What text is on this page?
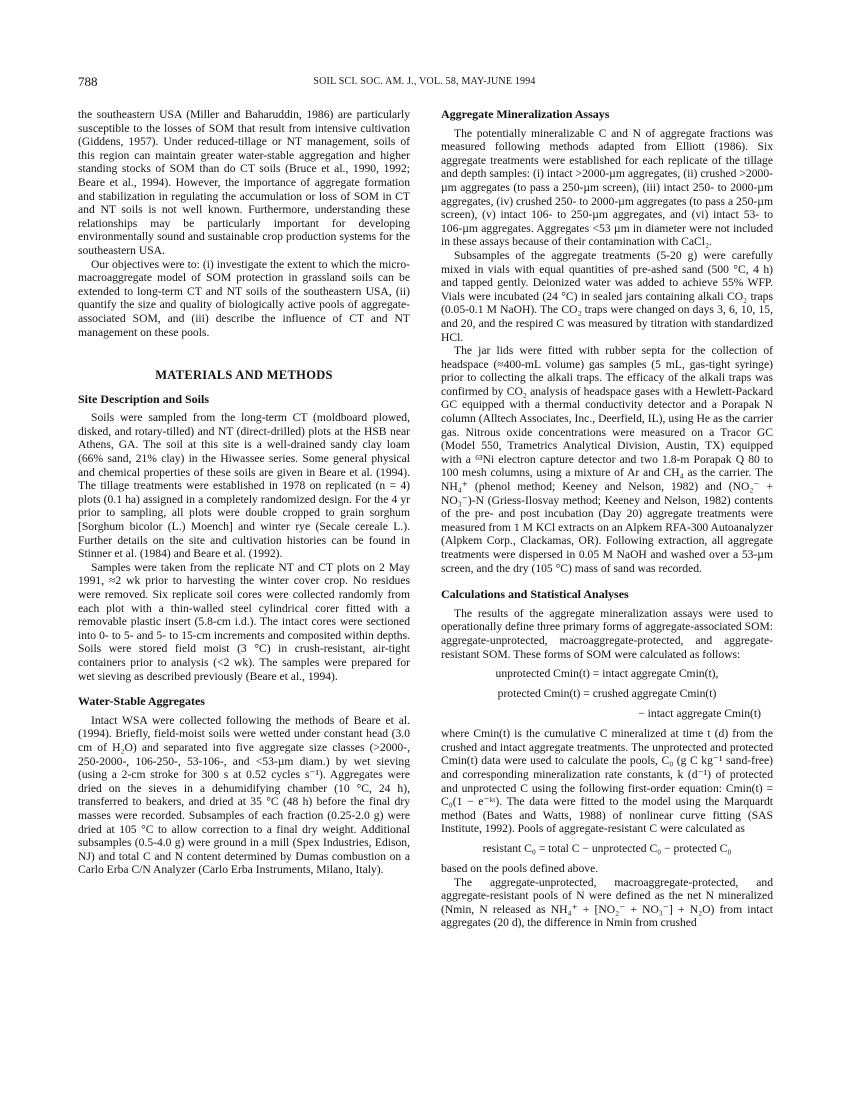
788	SOIL SCI. SOC. AM. J., VOL. 58, MAY-JUNE 1994

the southeastern USA (Miller and Baharuddin, 1986) are particularly susceptible to the losses of SOM that result from intensive cultivation (Giddens, 1957). Under reduced-tillage or NT management, soils of this region can maintain greater water-stable aggregation and higher standing stocks of SOM than do CT soils (Bruce et al., 1990, 1992; Beare et al., 1994). However, the importance of aggregate formation and stabilization in regulating the accumulation or loss of SOM in CT and NT soils is not well known. Furthermore, understanding these relationships may be particularly important for developing environmentally sound and sustainable crop production systems for the southeastern USA.

Our objectives were to: (i) investigate the extent to which the micro-macroaggregate model of SOM protection in grassland soils can be extended to long-term CT and NT soils of the southeastern USA, (ii) quantify the size and quality of biologically active pools of aggregate-associated SOM, and (iii) describe the influence of CT and NT management on these pools.

MATERIALS AND METHODS
Site Description and Soils

Soils were sampled from the long-term CT (moldboard plowed, disked, and rotary-tilled) and NT (direct-drilled) plots at the HSB near Athens, GA. The soil at this site is a well-drained sandy clay loam (66% sand, 21% clay) in the Hiwassee series. Some general physical and chemical properties of these soils are given in Beare et al. (1994). The tillage treatments were established in 1978 on replicated (n = 4) plots (0.1 ha) assigned in a completely randomized design. For the 4 yr prior to sampling, all plots were double cropped to grain sorghum [Sorghum bicolor (L.) Moench] and winter rye (Secale cereale L.). Further details on the site and cultivation histories can be found in Stinner et al. (1984) and Beare et al. (1992).

Samples were taken from the replicate NT and CT plots on 2 May 1991, ≈2 wk prior to harvesting the winter cover crop. No residues were removed. Six replicate soil cores were collected randomly from each plot with a thin-walled steel cylindrical corer fitted with a removable plastic insert (5.8-cm i.d.). The intact cores were sectioned into 0- to 5- and 5- to 15-cm increments and composited within depths. Soils were stored field moist (3 °C) in crush-resistant, air-tight containers prior to analysis (<2 wk). The samples were prepared for wet sieving as described previously (Beare et al., 1994).

Water-Stable Aggregates

Intact WSA were collected following the methods of Beare et al. (1994). Briefly, field-moist soils were wetted under constant head (3.0 cm of H₂O) and separated into five aggregate size classes (>2000-, 250-2000-, 106-250-, 53-106-, and <53-µm diam.) by wet sieving (using a 2-cm stroke for 300 s at 0.52 cycles s⁻¹). Aggregates were dried on the sieves in a dehumidifying chamber (10 °C, 24 h), transferred to beakers, and dried at 35 °C (48 h) before the final dry masses were recorded. Subsamples of each fraction (0.25-2.0 g) were dried at 105 °C to allow correction to a final dry weight. Additional subsamples (0.5-4.0 g) were ground in a mill (Spex Industries, Edison, NJ) and total C and N content determined by Dumas combustion on a Carlo Erba C/N Analyzer (Carlo Erba Instruments, Milano, Italy).

Aggregate Mineralization Assays

The potentially mineralizable C and N of aggregate fractions was measured following methods adapted from Elliott (1986). Six aggregate treatments were established for each replicate of the tillage and depth samples: (i) intact >2000-µm aggregates, (ii) crushed >2000-µm aggregates (to pass a 250-µm screen), (iii) intact 250- to 2000-µm aggregates, (iv) crushed 250- to 2000-µm aggregates (to pass a 250-µm screen), (v) intact 106- to 250-µm aggregates, and (vi) intact 53- to 106-µm aggregates. Aggregates <53 µm in diameter were not included in these assays because of their contamination with CaCl₂.

Subsamples of the aggregate treatments (5-20 g) were carefully mixed in vials with equal quantities of pre-ashed sand (500 °C, 4 h) and tapped gently. Deionized water was added to achieve 55% WFP. Vials were incubated (24 °C) in sealed jars containing alkali CO₂ traps (0.05-0.1 M NaOH). The CO₂ traps were changed on days 3, 6, 10, 15, and 20, and the respired C was measured by titration with standardized HCl.

The jar lids were fitted with rubber septa for the collection of headspace (≈400-mL volume) gas samples (5 mL, gas-tight syringe) prior to collecting the alkali traps. The efficacy of the alkali traps was confirmed by CO₂ analysis of headspace gases with a Hewlett-Packard GC equipped with a thermal conductivity detector and a Porapak N column (Alltech Associates, Inc., Deerfield, IL), using He as the carrier gas. Nitrous oxide concentrations were measured on a Tracor GC (Model 550, Trametrics Analytical Division, Austin, TX) equipped with a ⁶³Ni electron capture detector and two 1.8-m Porapak Q 80 to 100 mesh columns, using a mixture of Ar and CH₄ as the carrier. The NH₄⁺ (phenol method; Keeney and Nelson, 1982) and (NO₂⁻ + NO₃⁻)-N (Griess-Ilosvay method; Keeney and Nelson, 1982) contents of the pre- and post incubation (Day 20) aggregate treatments were measured from 1 M KCl extracts on an Alpkem RFA-300 Autoanalyzer (Alpkem Corp., Clackamas, OR). Following extraction, all aggregate treatments were dispersed in 0.05 M NaOH and washed over a 53-µm screen, and the dry (105 °C) mass of sand was recorded.

Calculations and Statistical Analyses

The results of the aggregate mineralization assays were used to operationally define three primary forms of aggregate-associated SOM: aggregate-unprotected, macroaggregate-protected, and aggregate-resistant SOM. These forms of SOM were calculated as follows:

unprotected Cmin(t) = intact aggregate Cmin(t),
protected Cmin(t) = crushed aggregate Cmin(t)
− intact aggregate Cmin(t)

where Cmin(t) is the cumulative C mineralized at time t (d) from the crushed and intact aggregate treatments. The unprotected and protected Cmin(t) data were used to calculate the pools, C₀ (g C kg⁻¹ sand-free) and corresponding mineralization rate constants, k (d⁻¹) of protected and unprotected C using the following first-order equation: Cmin(t) = C₀(1 − e⁻ᵏᵗ). The data were fitted to the model using the Marquardt method (Bates and Watts, 1988) of nonlinear curve fitting (SAS Institute, 1992). Pools of aggregate-resistant C were calculated as

resistant C₀ = total C − unprotected C₀ − protected C₀

based on the pools defined above.

The aggregate-unprotected, macroaggregate-protected, and aggregate-resistant pools of N were defined as the net N mineralized (Nmin, N released as NH₄⁺ + [NO₂⁻ + NO₃⁻] + N₂O) from intact aggregates (20 d), the difference in Nmin from crushed
